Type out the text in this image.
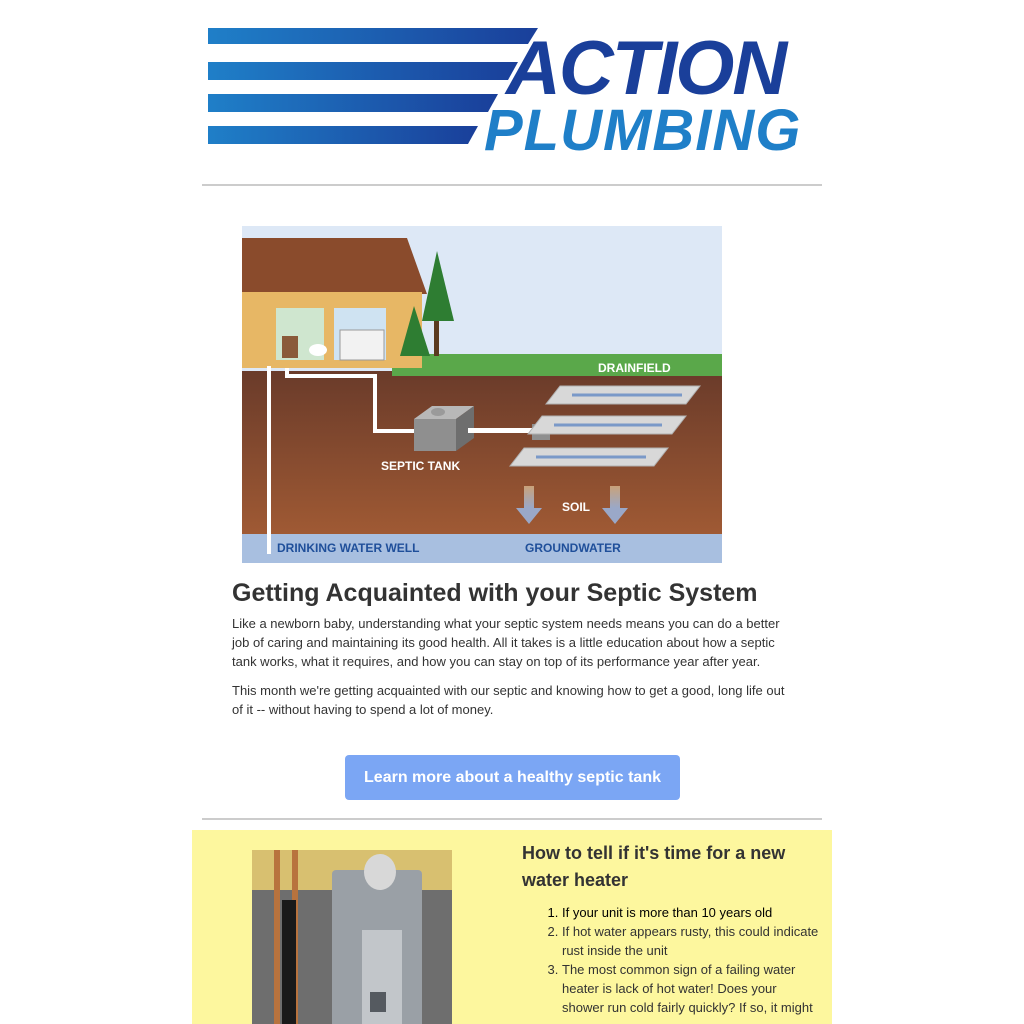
ACTION
PLUMBING
DRAINFIELD
SEPTIC TANK
SOIL
DRINKING WATER WELL	GROUNDWATER
Getting Acquainted with your Septic System

Like a newborn baby, understanding what your septic system needs means you can do a better job of caring and maintaining its good health. All it takes is a little education about how a septic tank works, what it requires, and how you can stay on top of its performance year after year.

This month we're getting acquainted with our septic and knowing how to get a good, long life out of it -- without having to spend a lot of money.

Learn more about a healthy septic tank
How to tell if it's time for a new water heater
1. If your unit is more than 10 years old
2. If hot water appears rusty, this could indicate rust inside the unit
3. The most common sign of a failing water heater is lack of hot water! Does your shower run cold fairly quickly? If so, it might
